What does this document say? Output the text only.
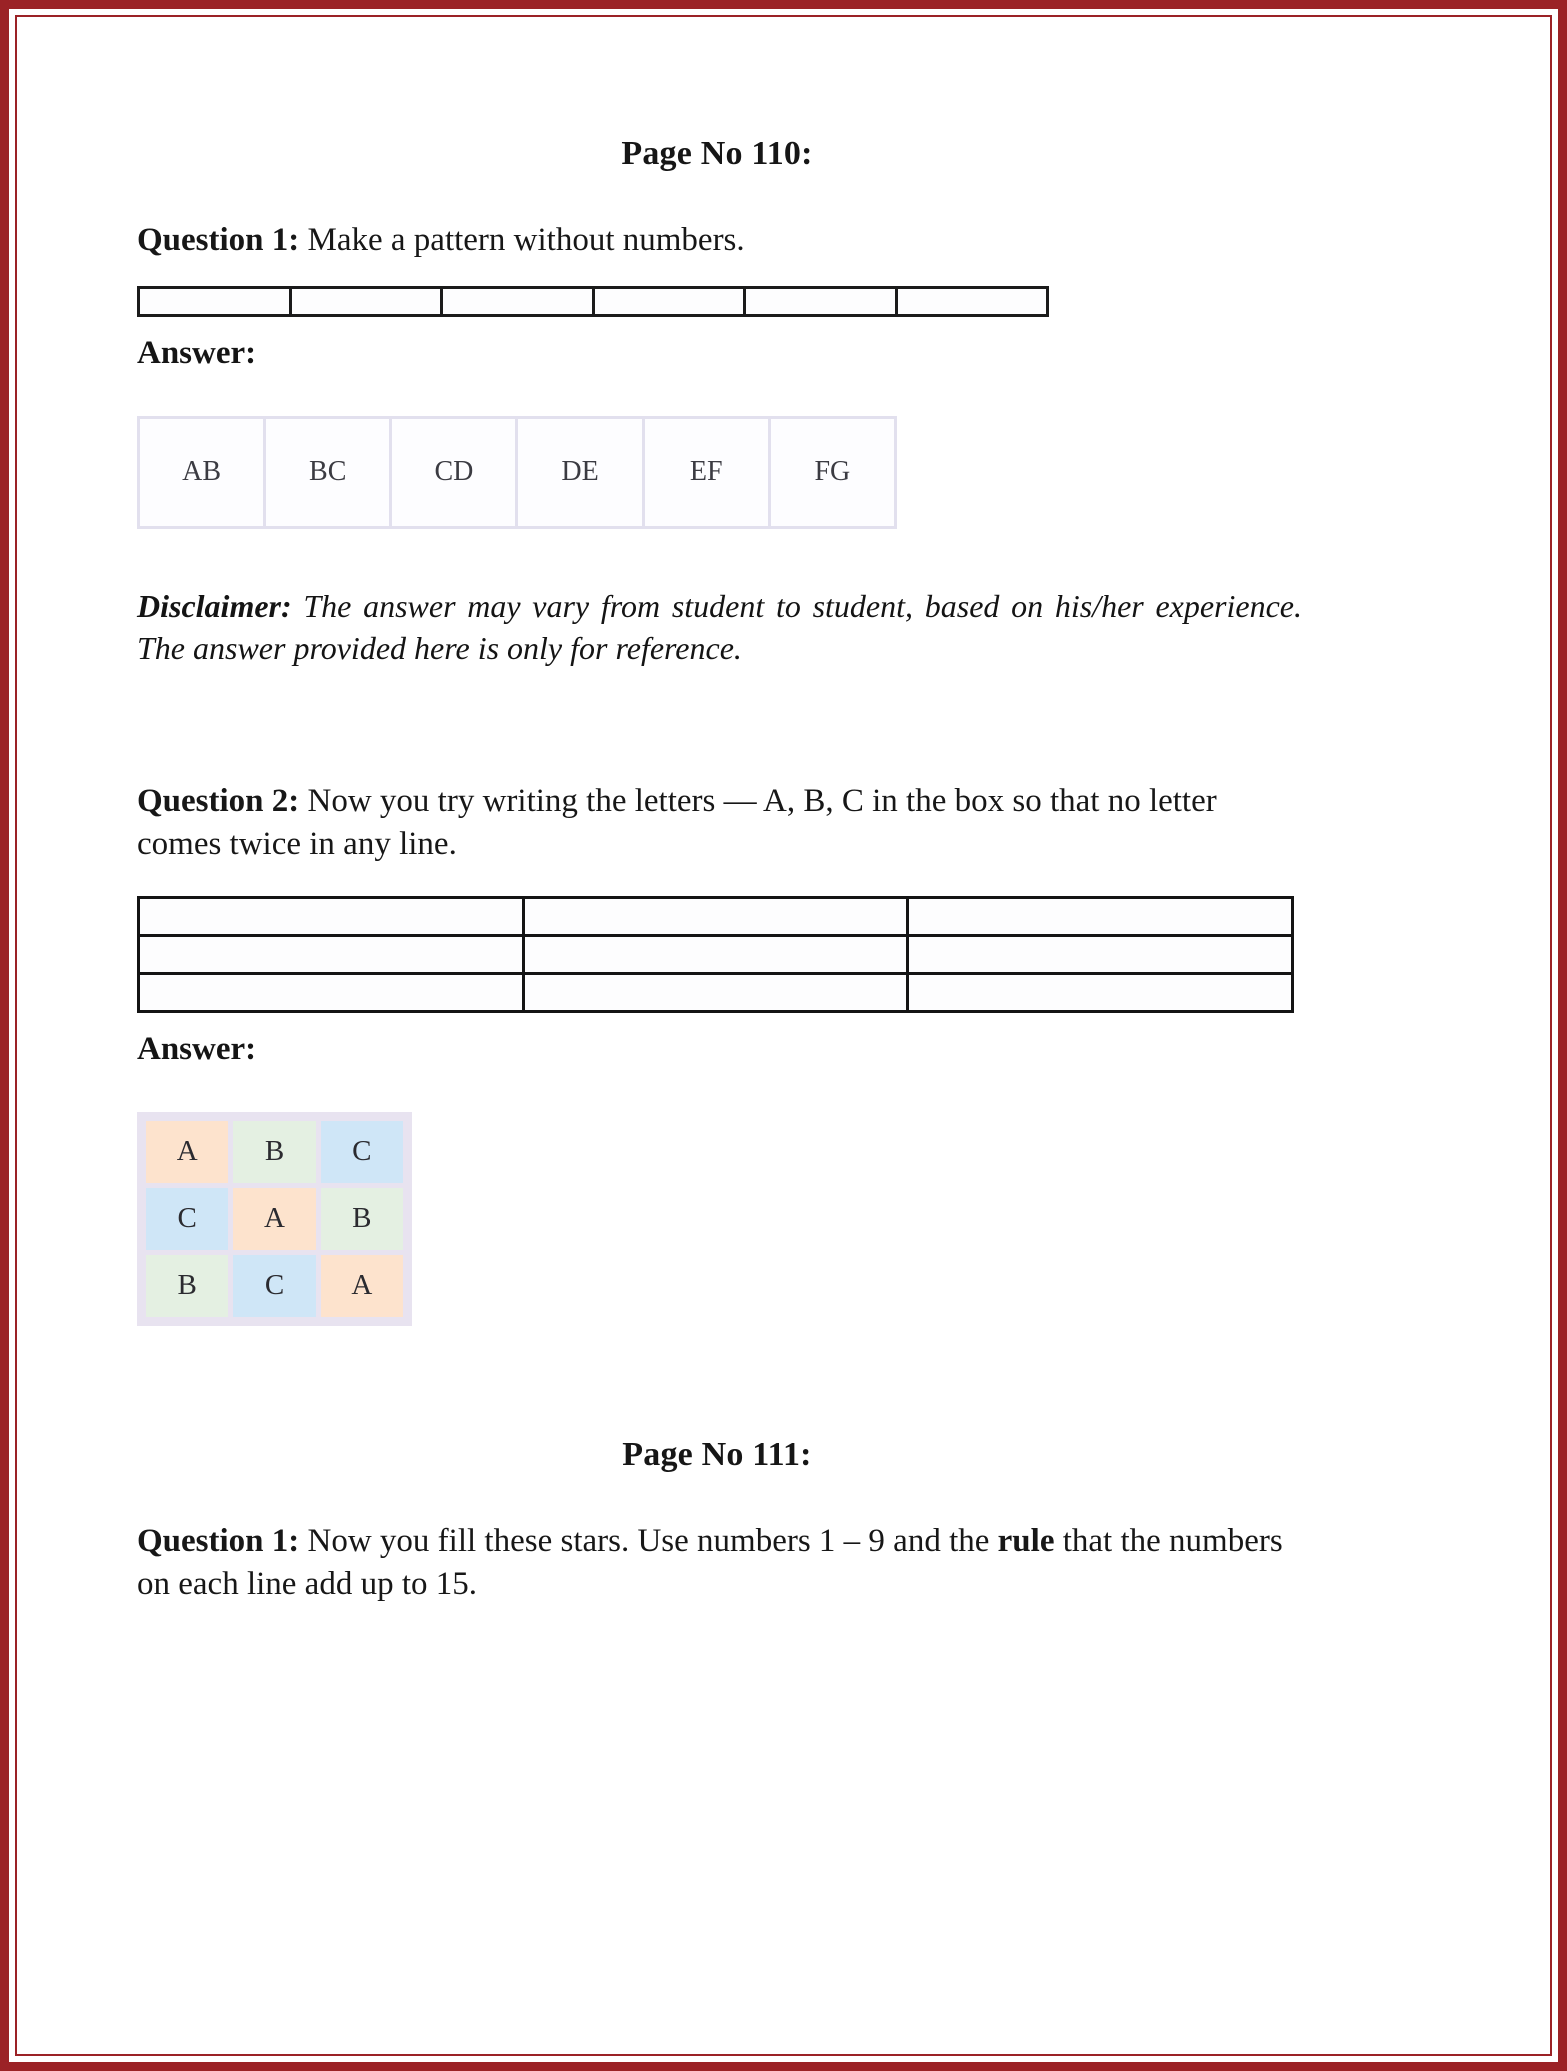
Page No 110:

Question 1: Make a pattern without numbers.

Answer:
AB	BC	CD	DE	EF	FG

Disclaimer: The answer may vary from student to student, based on his/her experience. The answer provided here is only for reference.

Question 2: Now you try writing the letters — A, B, C in the box so that no letter comes twice in any line.

Answer:
A	B	C
C	A	B
B	C	A
Page No 111:

Question 1: Now you fill these stars. Use numbers 1 – 9 and the rule that the numbers on each line add up to 15.
